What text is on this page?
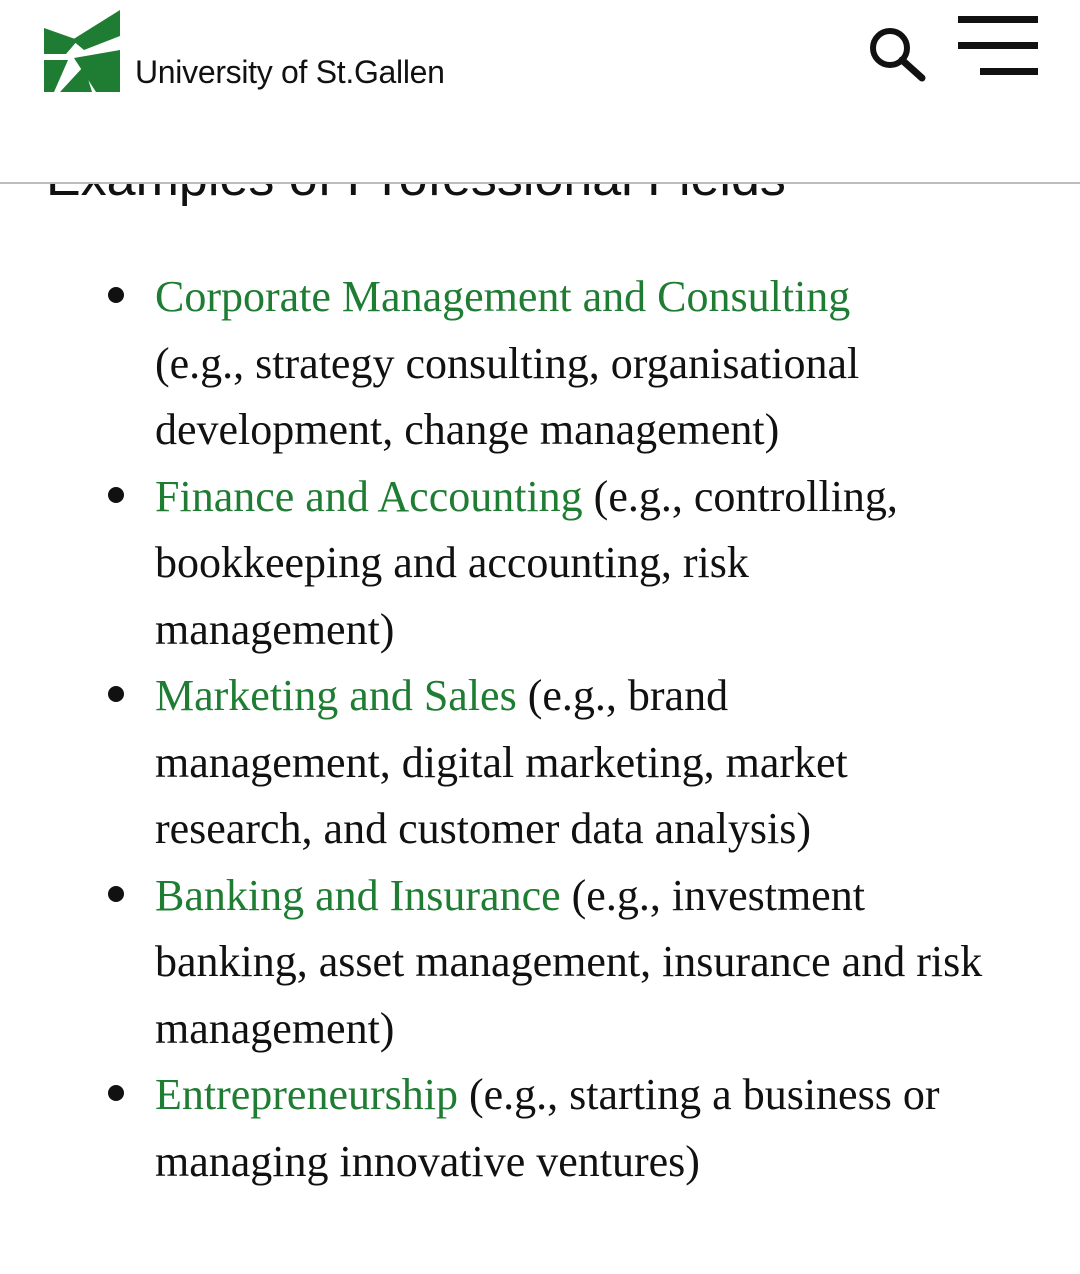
University of St.Gallen
Corporate Management and Consulting (e.g., strategy consulting, organisational development, change management)
Finance and Accounting (e.g., controlling, bookkeeping and accounting, risk management)
Marketing and Sales (e.g., brand management, digital marketing, market research, and customer data analysis)
Banking and Insurance (e.g., investment banking, asset management, insurance and risk management)
Entrepreneurship (e.g., starting a business or managing innovative ventures)
